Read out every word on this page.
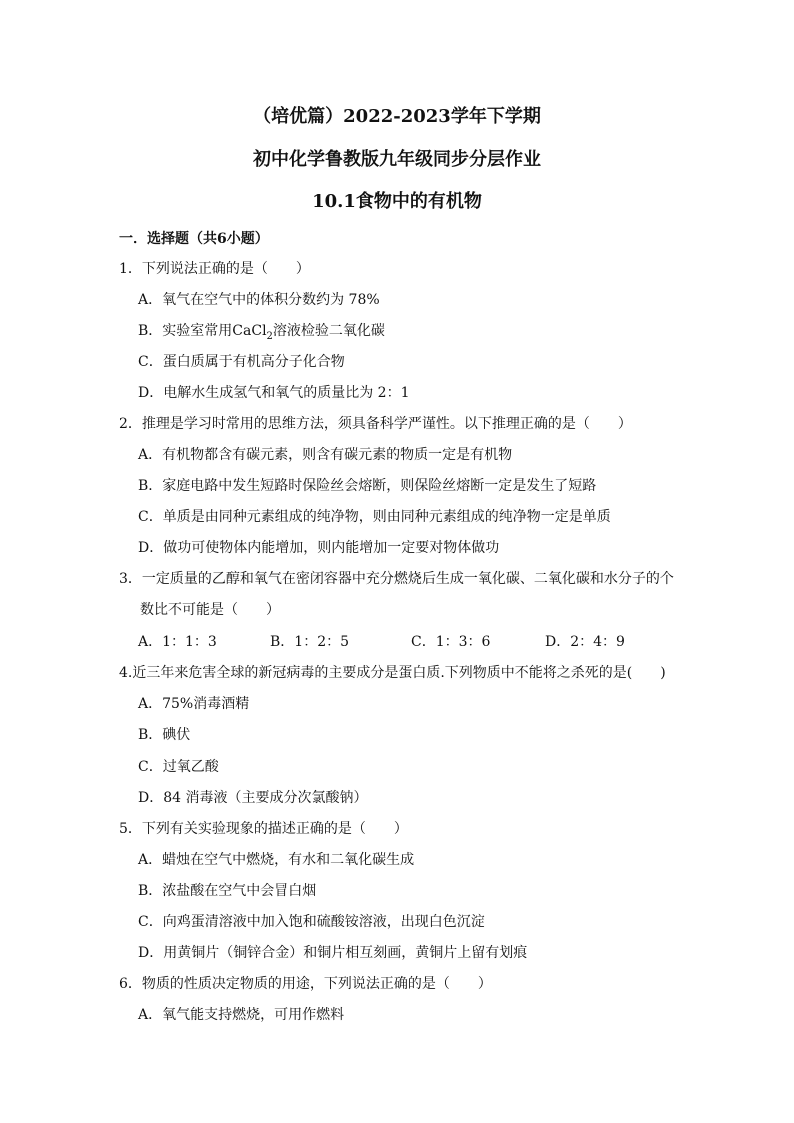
（培优篇）2022-2023学年下学期
初中化学鲁教版九年级同步分层作业
10.1食物中的有机物
一．选择题（共6小题）
1．下列说法正确的是（　　）
A．氧气在空气中的体积分数约为 78%
B．实验室常用CaCl$_2$溶液检验二氧化碳
C．蛋白质属于有机高分子化合物
D．电解水生成氢气和氧气的质量比为 2：1
2．推理是学习时常用的思维方法，须具备科学严谨性。以下推理正确的是（　　）
A．有机物都含有碳元素，则含有碳元素的物质一定是有机物
B．家庭电路中发生短路时保险丝会熔断，则保险丝熔断一定是发生了短路
C．单质是由同种元素组成的纯净物，则由同种元素组成的纯净物一定是单质
D．做功可使物体内能增加，则内能增加一定要对物体做功
3．一定质量的乙醇和氧气在密闭容器中充分燃烧后生成一氧化碳、二氧化碳和水分子的个
数比不可能是（　　）
A．1：1：3	B．1：2：5	C．1：3：6	D．2：4：9
4.近三年来危害全球的新冠病毒的主要成分是蛋白质.下列物质中不能将之杀死的是(　　)
A．75%消毒酒精
B．碘伏
C．过氧乙酸
D．84 消毒液（主要成分次氯酸钠）
5．下列有关实验现象的描述正确的是（　　）
A．蜡烛在空气中燃烧，有水和二氧化碳生成
B．浓盐酸在空气中会冒白烟
C．向鸡蛋清溶液中加入饱和硫酸铵溶液，出现白色沉淀
D．用黄铜片（铜锌合金）和铜片相互刻画，黄铜片上留有划痕
6．物质的性质决定物质的用途，下列说法正确的是（　　）
A．氧气能支持燃烧，可用作燃料
